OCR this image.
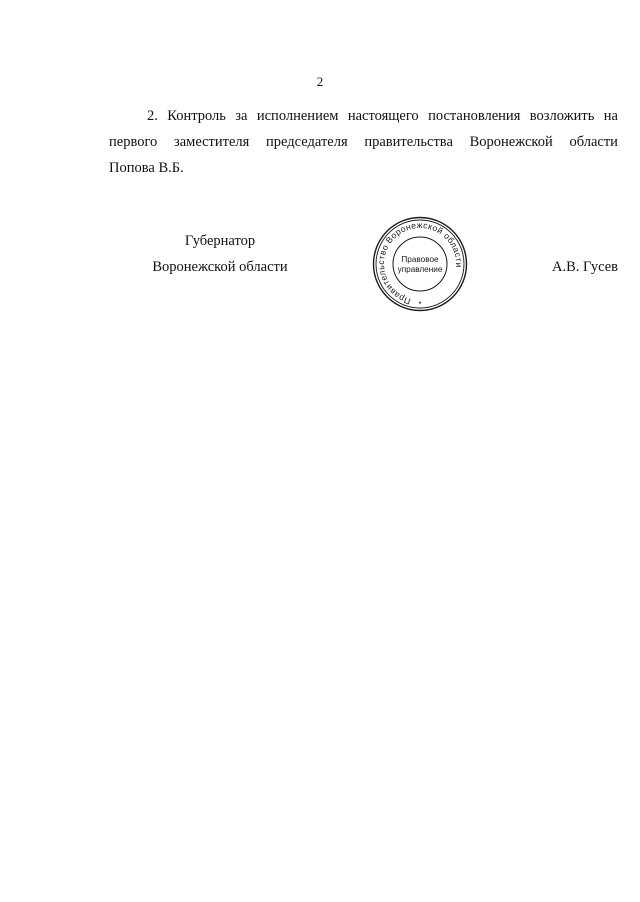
2
2. Контроль за исполнением настоящего постановления возложить на
первого заместителя председателя правительства Воронежской области
Попова В.Б.
Губернатор
Воронежской области
Правительство Воронежской области
Правовое
управление
*
А.В. Гусев
